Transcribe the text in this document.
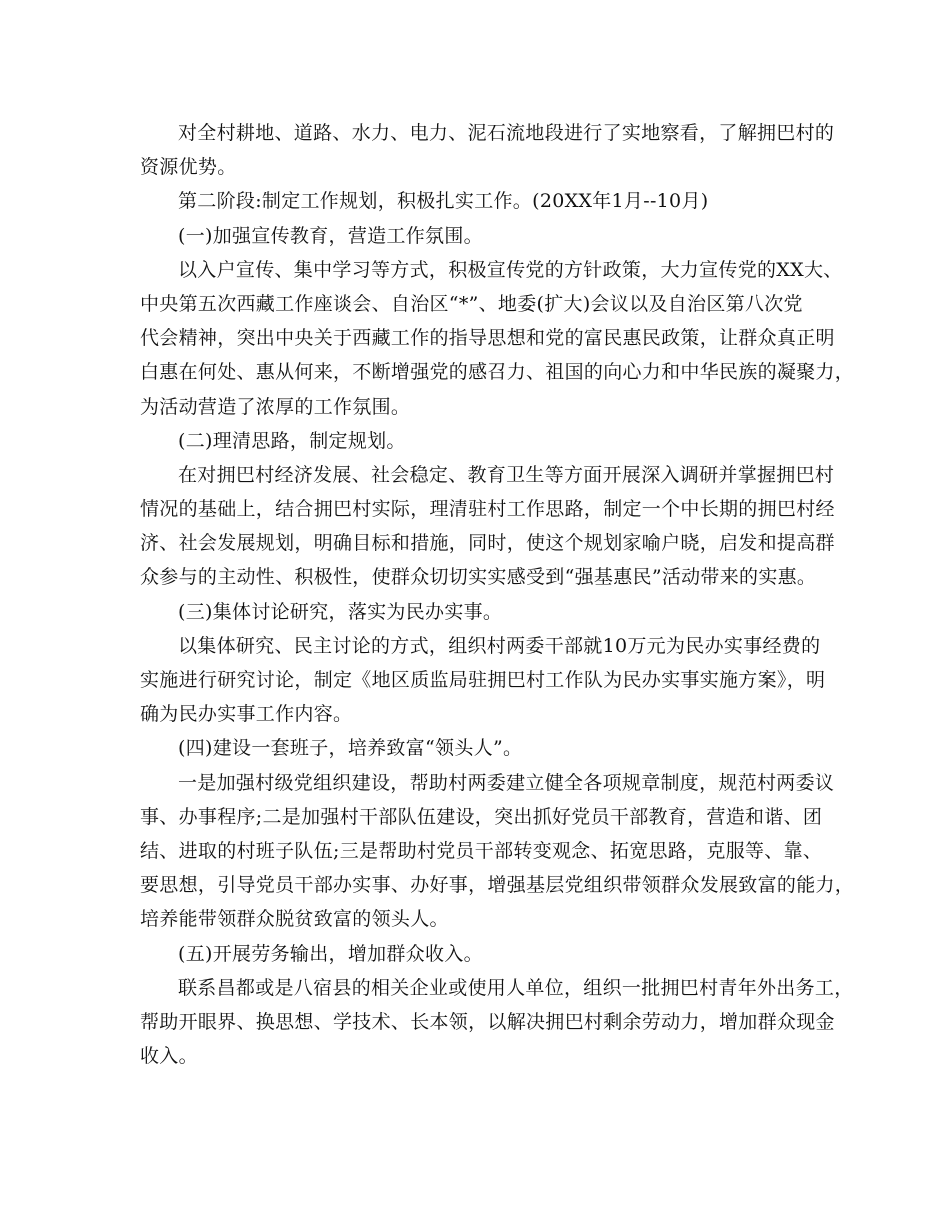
对全村耕地、道路、水力、电力、泥石流地段进行了实地察看，了解拥巴村的
资源优势。
第二阶段:制定工作规划，积极扎实工作。(20XX年1月--10月)
(一)加强宣传教育，营造工作氛围。
以入户宣传、集中学习等方式，积极宣传党的方针政策，大力宣传党的XX大、
中央第五次西藏工作座谈会、自治区“*”、地委(扩大)会议以及自治区第八次党
代会精神，突出中央关于西藏工作的指导思想和党的富民惠民政策，让群众真正明
白惠在何处、惠从何来，不断增强党的感召力、祖国的向心力和中华民族的凝聚力，
为活动营造了浓厚的工作氛围。
(二)理清思路，制定规划。
在对拥巴村经济发展、社会稳定、教育卫生等方面开展深入调研并掌握拥巴村
情况的基础上，结合拥巴村实际，理清驻村工作思路，制定一个中长期的拥巴村经
济、社会发展规划，明确目标和措施，同时，使这个规划家喻户晓，启发和提高群
众参与的主动性、积极性，使群众切切实实感受到“强基惠民”活动带来的实惠。
(三)集体讨论研究，落实为民办实事。
以集体研究、民主讨论的方式，组织村两委干部就10万元为民办实事经费的
实施进行研究讨论，制定《地区质监局驻拥巴村工作队为民办实事实施方案》，明
确为民办实事工作内容。
(四)建设一套班子，培养致富“领头人”。
一是加强村级党组织建设，帮助村两委建立健全各项规章制度，规范村两委议
事、办事程序;二是加强村干部队伍建设，突出抓好党员干部教育，营造和谐、团
结、进取的村班子队伍;三是帮助村党员干部转变观念、拓宽思路，克服等、靠、
要思想，引导党员干部办实事、办好事，增强基层党组织带领群众发展致富的能力，
培养能带领群众脱贫致富的领头人。
(五)开展劳务输出，增加群众收入。
联系昌都或是八宿县的相关企业或使用人单位，组织一批拥巴村青年外出务工，
帮助开眼界、换思想、学技术、长本领，以解决拥巴村剩余劳动力，增加群众现金
收入。
